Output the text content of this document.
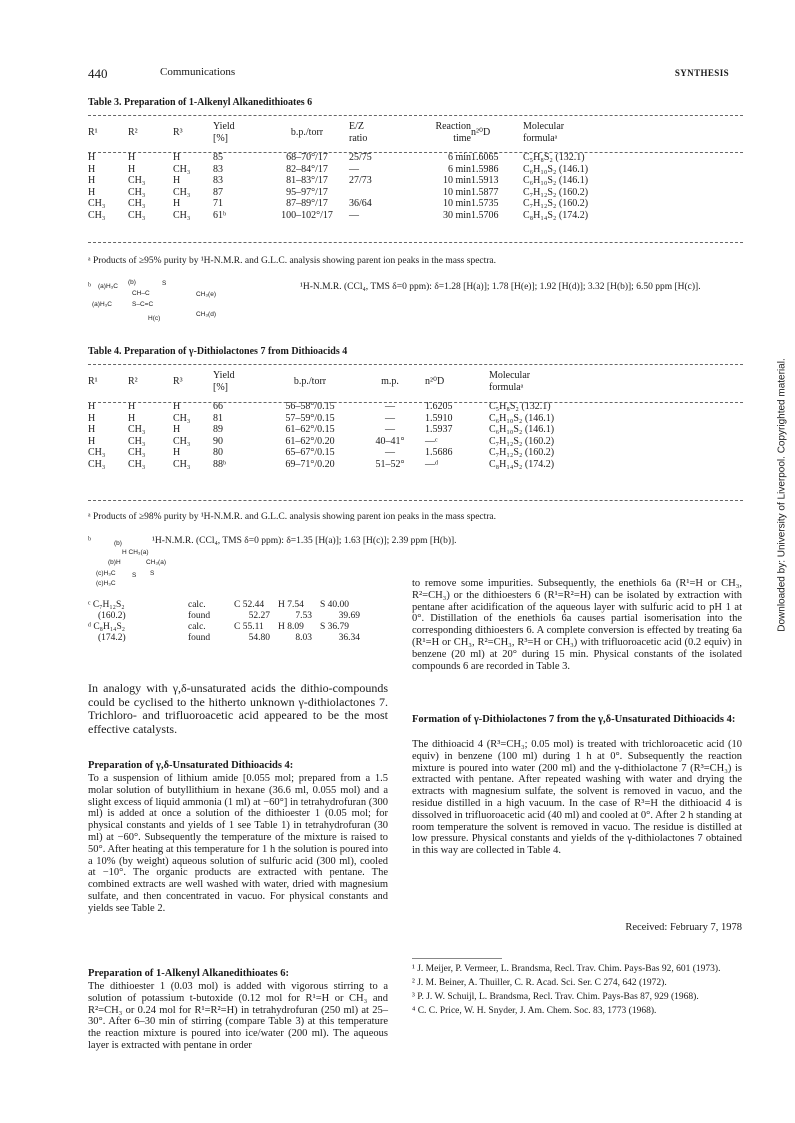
440	Communications	SYNTHESIS
Table 3. Preparation of 1-Alkenyl Alkanedithioates 6
R¹	R²	R³	Yield
[%]	b.p./torr	E/Z
ratio	Reaction
time	n²⁰D	Molecular
formulaᵃ
H	H	H	85	68–70°/17	25/75	6 min	1.6065	C₅H₈S₂ (132.1)
H	H	CH₃	83	82–84°/17	—	6 min	1.5986	C₆H₁₀S₂ (146.1)
H	CH₃	H	83	81–83°/17	27/73	10 min	1.5913	C₆H₁₀S₂ (146.1)
H	CH₃	CH₃	87	95–97°/17		10 min	1.5877	C₇H₁₂S₂ (160.2)
CH₃	CH₃	H	71	87–89°/17	36/64	10 min	1.5735	C₇H₁₂S₂ (160.2)
CH₃	CH₃	CH₃	61ᵇ	100–102°/17	—	30 min	1.5706	C₈H₁₄S₂ (174.2)
ᵃ Products of ≥95% purity by ¹H-N.M.R. and G.L.C. analysis showing parent ion peaks in the mass spectra.
ᵇ (a)H₃C
(b)
CH–C
S
(a)H₃C	S–C=C
CH₃(e)
CH₃(d)
H(c)
¹H-N.M.R. (CCl₄, TMS δ=0 ppm): δ=1.28 [H(a)]; 1.78 [H(e)]; 1.92 [H(d)]; 3.32 [H(b)]; 6.50 ppm [H(c)].
Table 4. Preparation of γ-Dithiolactones 7 from Dithioacids 4
R¹	R²	R³	Yield
[%]	b.p./torr	m.p.	n²⁰D	Molecular
formulaᵃ
H	H	H	66	56–58°/0.15	—	1.6205	C₅H₈S₂ (132.1)
H	H	CH₃	81	57–59°/0.15	—	1.5910	C₆H₁₀S₂ (146.1)
H	CH₃	H	89	61–62°/0.15	—	1.5937	C₆H₁₀S₂ (146.1)
H	CH₃	CH₃	90	61–62°/0.20	40–41°	—ᶜ	C₇H₁₂S₂ (160.2)
CH₃	CH₃	H	80	65–67°/0.15	—	1.5686	C₇H₁₂S₂ (160.2)
CH₃	CH₃	CH₃	88ᵇ	69–71°/0.20	51–52°	—ᵈ	C₈H₁₄S₂ (174.2)
ᵃ Products of ≥98% purity by ¹H-N.M.R. and G.L.C. analysis showing parent ion peaks in the mass spectra.
ᵇ	¹H-N.M.R. (CCl₄, TMS δ=0 ppm): δ=1.35 [H(a)]; 1.63 [H(c)]; 2.39 ppm [H(b)].
(b)
H CH₃(a)
(b)H	CH₃(a)
(c)H₃C	S S
(c)H₃C
ᶜ C₇H₁₂S₂	calc.	C 52.44	H 7.54	S 40.00
(160.2)	found	52.27	7.53	39.69
ᵈ C₈H₁₄S₂	calc.	C 55.11	H 8.09	S 36.79
(174.2)	found	54.80	8.03	36.34
In analogy with γ,δ-unsaturated acids the dithio-compounds could be cyclised to the hitherto unknown γ-dithiolactones 7. Trichloro- and trifluoroacetic acid appeared to be the most effective catalysts.
Preparation of γ,δ-Unsaturated Dithioacids 4:
To a suspension of lithium amide [0.055 mol; prepared from a 1.5 molar solution of butyllithium in hexane (36.6 ml, 0.055 mol) and a slight excess of liquid ammonia (1 ml) at −60°] in tetrahydrofuran (300 ml) is added at once a solution of the dithioester 1 (0.05 mol; for physical constants and yields of 1 see Table 1) in tetrahydrofuran (30 ml) at −60°. Subsequently the temperature of the mixture is raised to 50°. After heating at this temperature for 1 h the solution is poured into a 10% (by weight) aqueous solution of sulfuric acid (300 ml), cooled at −10°. The organic products are extracted with pentane. The combined extracts are well washed with water, dried with magnesium sulfate, and then concentrated in vacuo. For physical constants and yields see Table 2.
Preparation of 1-Alkenyl Alkanedithioates 6:
The dithioester 1 (0.03 mol) is added with vigorous stirring to a solution of potassium t-butoxide (0.12 mol for R¹=H or CH₃ and R²=CH₃ or 0.24 mol for R¹=R²=H) in tetrahydrofuran (250 ml) at 25–30°. After 6–30 min of stirring (compare Table 3) at this temperature the reaction mixture is poured into ice/water (200 ml). The aqueous layer is extracted with pentane in order
to remove some impurities. Subsequently, the enethiols 6a (R¹=H or CH₃, R²=CH₃) or the dithioesters 6 (R¹=R²=H) can be isolated by extraction with pentane after acidification of the aqueous layer with sulfuric acid to pH 1 at 0°. Distillation of the enethiols 6a causes partial isomerisation into the corresponding dithioesters 6. A complete conversion is effected by treating 6a (R¹=H or CH₃, R²=CH₃, R³=H or CH₃) with trifluoroacetic acid (0.2 equiv) in benzene (20 ml) at 20° during 15 min. Physical constants of the isolated compounds 6 are recorded in Table 3.
Formation of γ-Dithiolactones 7 from the γ,δ-Unsaturated Dithioacids 4:
The dithioacid 4 (R³=CH₃; 0.05 mol) is treated with trichloroacetic acid (10 equiv) in benzene (100 ml) during 1 h at 0°. Subsequently the reaction mixture is poured into water (200 ml) and the γ-dithiolactone 7 (R³=CH₃) is extracted with pentane. After repeated washing with water and drying the extracts with magnesium sulfate, the solvent is removed in vacuo, and the residue distilled in a high vacuum. In the case of R³=H the dithioacid 4 is dissolved in trifluoroacetic acid (40 ml) and cooled at 0°. After 2 h standing at room temperature the solvent is removed in vacuo. The residue is distilled at low pressure. Physical constants and yields of the γ-dithiolactones 7 obtained in this way are collected in Table 4.
Received: February 7, 1978
¹ J. Meijer, P. Vermeer, L. Brandsma, Recl. Trav. Chim. Pays-Bas 92, 601 (1973).
² J. M. Beiner, A. Thuiller, C. R. Acad. Sci. Ser. C 274, 642 (1972).
³ P. J. W. Schuijl, L. Brandsma, Recl. Trav. Chim. Pays-Bas 87, 929 (1968).
⁴ C. C. Price, W. H. Snyder, J. Am. Chem. Soc. 83, 1773 (1968).
Downloaded by: University of Liverpool. Copyrighted material.
